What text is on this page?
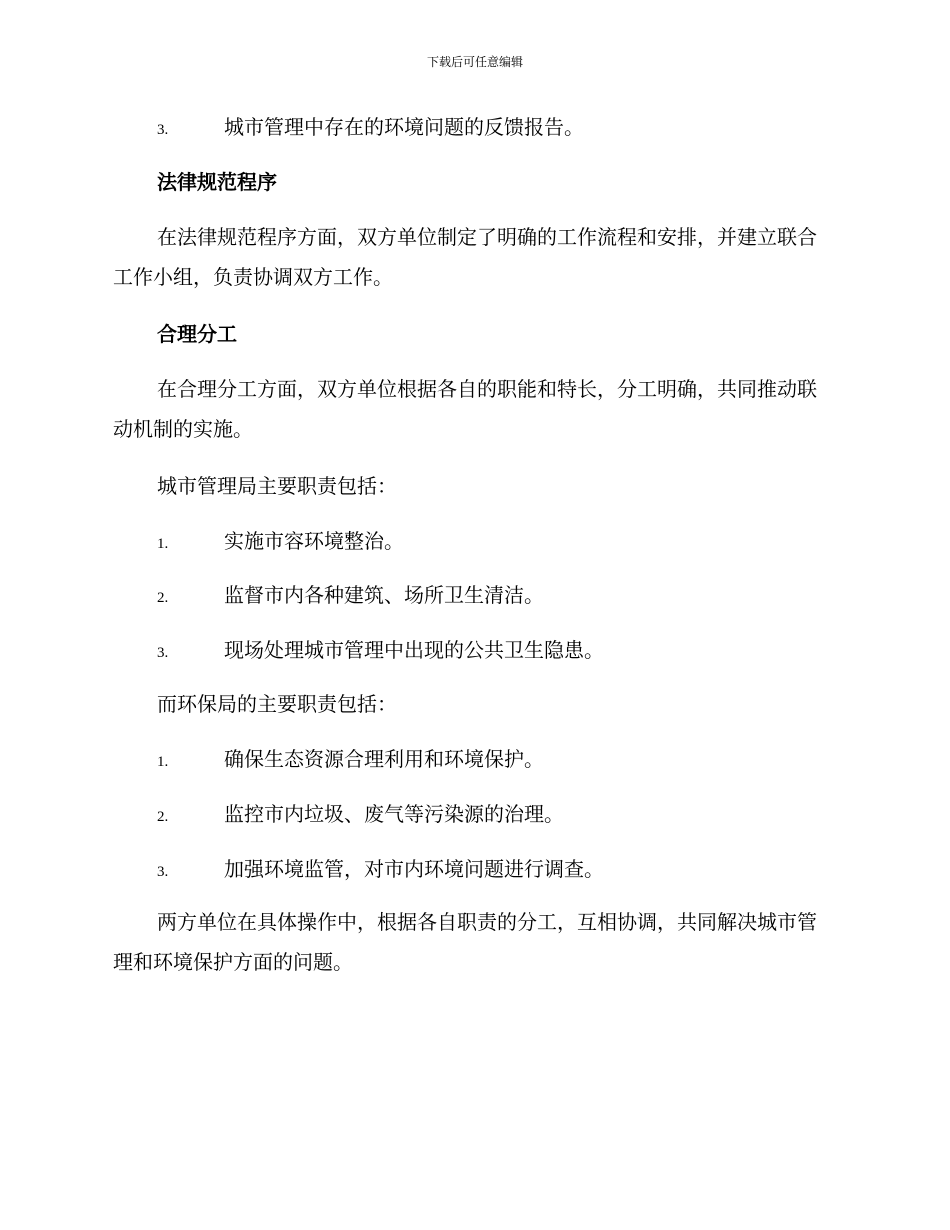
下载后可任意编辑
3.	城市管理中存在的环境问题的反馈报告。
法律规范程序
在法律规范程序方面，双方单位制定了明确的工作流程和安排，并建立联合工作小组，负责协调双方工作。
合理分工
在合理分工方面，双方单位根据各自的职能和特长，分工明确，共同推动联动机制的实施。
城市管理局主要职责包括：
1.	实施市容环境整治。
2.	监督市内各种建筑、场所卫生清洁。
3.	现场处理城市管理中出现的公共卫生隐患。
而环保局的主要职责包括：
1.	确保生态资源合理利用和环境保护。
2.	监控市内垃圾、废气等污染源的治理。
3.	加强环境监管，对市内环境问题进行调查。
两方单位在具体操作中，根据各自职责的分工，互相协调，共同解决城市管理和环境保护方面的问题。
